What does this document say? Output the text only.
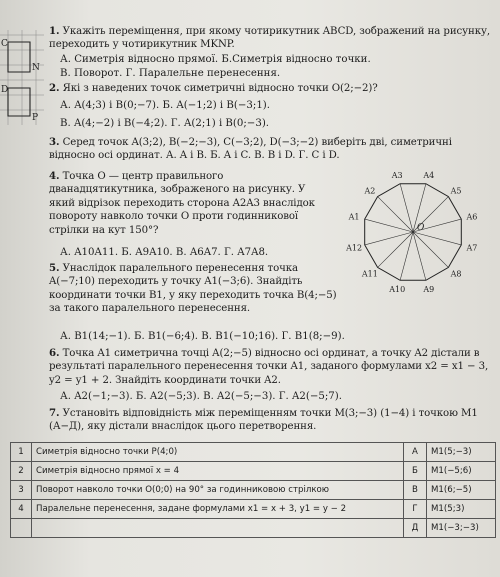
C
N
D
P
1. Укажіть переміщення, при якому чотирикутник ABCD, зображений на рисунку, переходить у чотирикутник MKNP.
А. Симетрія відносно прямої. Б.Симетрія відносно точки.
В. Поворот. Г. Паралельне перенесення.
2. Які з наведених точок симетричні відносно точки O(2;−2)?
А. A(4;3) і B(0;−7). Б. A(−1;2) і B(−3;1).
В. A(4;−2) і B(−4;2). Г. A(2;1) і B(0;−3).
3. Серед точок A(3;2), B(−2;−3), C(−3;2), D(−3;−2) виберіть дві, симетричні відносно осі ординат. А. A і B. Б. A і C. В. B і D. Г. C і D.
4. Точка O — центр правильного дванадцятикутника, зображеного на рисунку. У який відрізок переходить сторона A2A3 внаслідок повороту навколо точки O проти годинникової стрілки на кут 150°?
А. A10A11. Б. A9A10. В. A6A7. Г. A7A8.
A1
A2
A3	A4
A5
A6
A7
A8
A9
A10
A11
A12
O
5. Унаслідок паралельного перенесення точка A(−7;10) переходить у точку A1(−3;6). Знайдіть координати точки B1, у яку переходить точка B(4;−5) за такого паралельного перенесення.
А. B1(14;−1). Б. B1(−6;4). В. B1(−10;16). Г. B1(8;−9).
6. Точка A1 симетрична точці A(2;−5) відносно осі ординат, а точку A2 дістали в результаті паралельного перенесення точки A1, заданого формулами x2 = x1 − 3, y2 = y1 + 2. Знайдіть координати точки A2.
А. A2(−1;−3). Б. A2(−5;3). В. A2(−5;−3). Г. A2(−5;7).
7. Установіть відповідність між переміщенням точки M(3;−3) (1−4) і точкою M1 (А−Д), яку дістали внаслідок цього перетворення.
1	Симетрія відносно точки P(4;0)	А	M1(5;−3)
2	Симетрія відносно прямої x = 4	Б	M1(−5;6)
3	Поворот навколо точки O(0;0) на 90° за годинниковою стрілкою	В	M1(6;−5)
4	Паралельне перенесення, задане формулами x1 = x + 3, y1 = y − 2	Г	M1(5;3)
		Д	M1(−3;−3)
